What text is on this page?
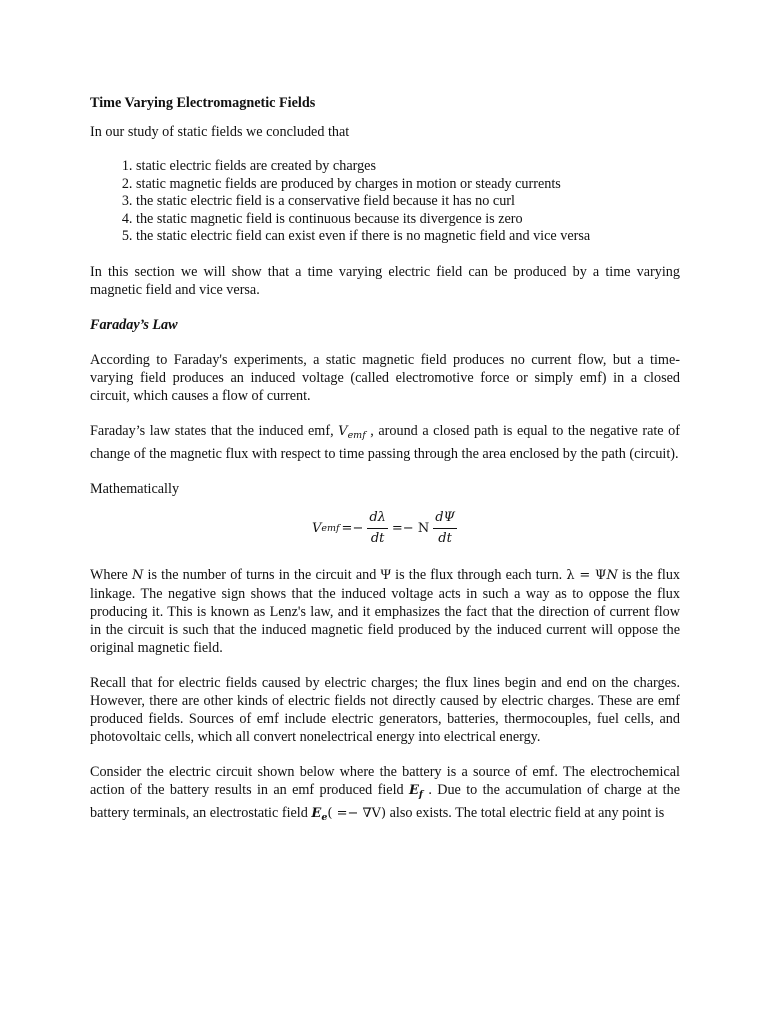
Time Varying Electromagnetic Fields

In our study of static fields we concluded that

1. static electric fields are created by charges
2. static magnetic fields are produced by charges in motion or steady currents
3. the static electric field is a conservative field because it has no curl
4. the static magnetic field is continuous because its divergence is zero
5. the static electric field can exist even if there is no magnetic field and vice versa

In this section we will show that a time varying electric field can be produced by a time varying magnetic field and vice versa.

Faraday’s Law

According to Faraday's experiments, a static magnetic field produces no current flow, but a time-varying field produces an induced voltage (called electromotive force or simply emf) in a closed circuit, which causes a flow of current.

Faraday’s law states that the induced emf, $V_{emf}$ , around a closed path is equal to the negative rate of change of the magnetic flux with respect to time passing through the area enclosed by the path (circuit).

Mathematically

V emf =− $\frac{d\lambda}{dt} =- N \frac{d\Psi}{dt}$

Where N is the number of turns in the circuit and Ψ is the flux through each turn. λ = ΨN is the flux linkage. The negative sign shows that the induced voltage acts in such a way as to oppose the flux producing it. This is known as Lenz's law, and it emphasizes the fact that the direction of current flow in the circuit is such that the induced magnetic field produced by the induced current will oppose the original magnetic field.

Recall that for electric fields caused by electric charges; the flux lines begin and end on the charges. However, there are other kinds of electric fields not directly caused by electric charges. These are emf produced fields. Sources of emf include electric generators, batteries, thermocouples, fuel cells, and photovoltaic cells, which all convert nonelectrical energy into electrical energy.

Consider the electric circuit shown below where the battery is a source of emf. The electrochemical action of the battery results in an emf produced field $E_f$ . Due to the accumulation of charge at the battery terminals, an electrostatic field $E_e( =- \nabla V)$ also exists. The total electric field at any point is
